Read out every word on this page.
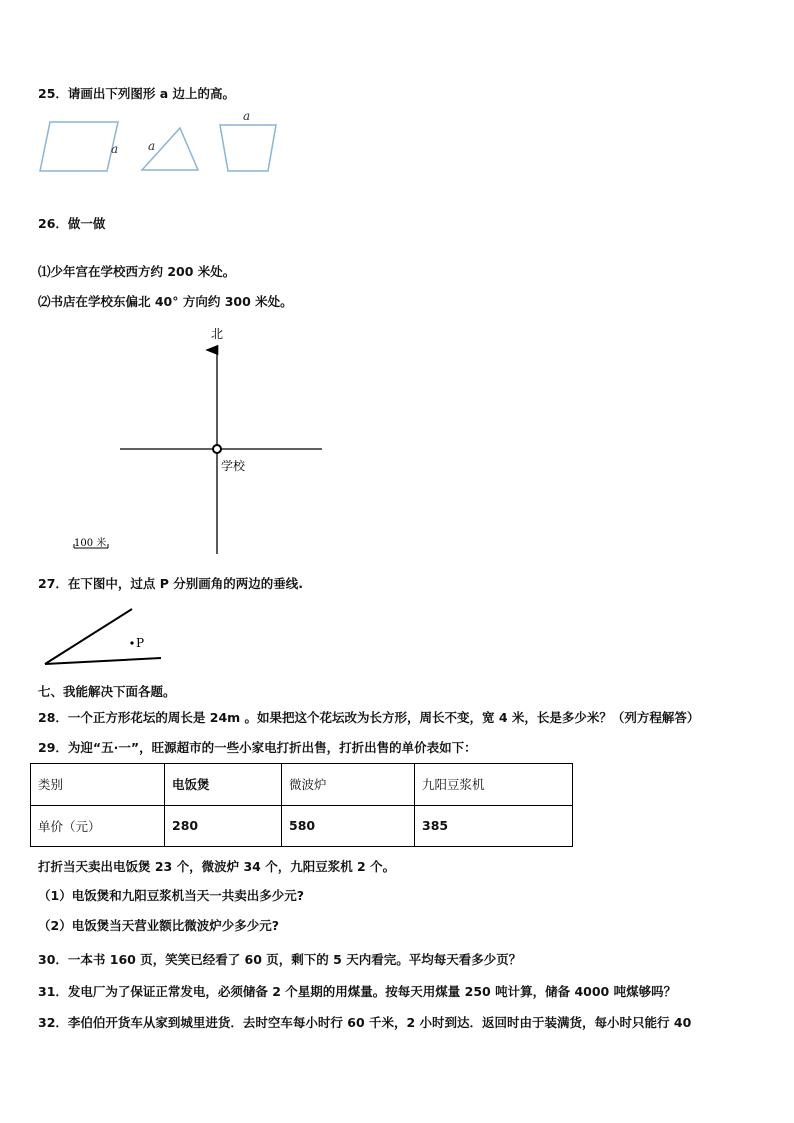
25．请画出下列图形 a 边上的高。
a a
a
26．做一做
⑴少年宫在学校西方约 200 米处。
⑵书店在学校东偏北 40° 方向约 300 米处。
北
学校
100 米
27．在下图中，过点 P 分别画角的两边的垂线.
P
七、我能解决下面各题。
28．一个正方形花坛的周长是 24m 。如果把这个花坛改为长方形，周长不变，宽 4 米，长是多少米？（列方程解答）
29．为迎“五·一”，旺源超市的一些小家电打折出售，打折出售的单价表如下：
类别	电饭煲	微波炉	九阳豆浆机
单价（元）	280	580	385
打折当天卖出电饭煲 23 个，微波炉 34 个，九阳豆浆机 2 个。
（1）电饭煲和九阳豆浆机当天一共卖出多少元?
（2）电饭煲当天营业额比微波炉少多少元?
30．一本书 160 页，笑笑已经看了 60 页，剩下的 5 天内看完。平均每天看多少页？
31．发电厂为了保证正常发电，必须储备 2 个星期的用煤量。按每天用煤量 250 吨计算，储备 4000 吨煤够吗？
32．李伯伯开货车从家到城里进货．去时空车每小时行 60 千米，2 小时到达．返回时由于装满货，每小时只能行 40
